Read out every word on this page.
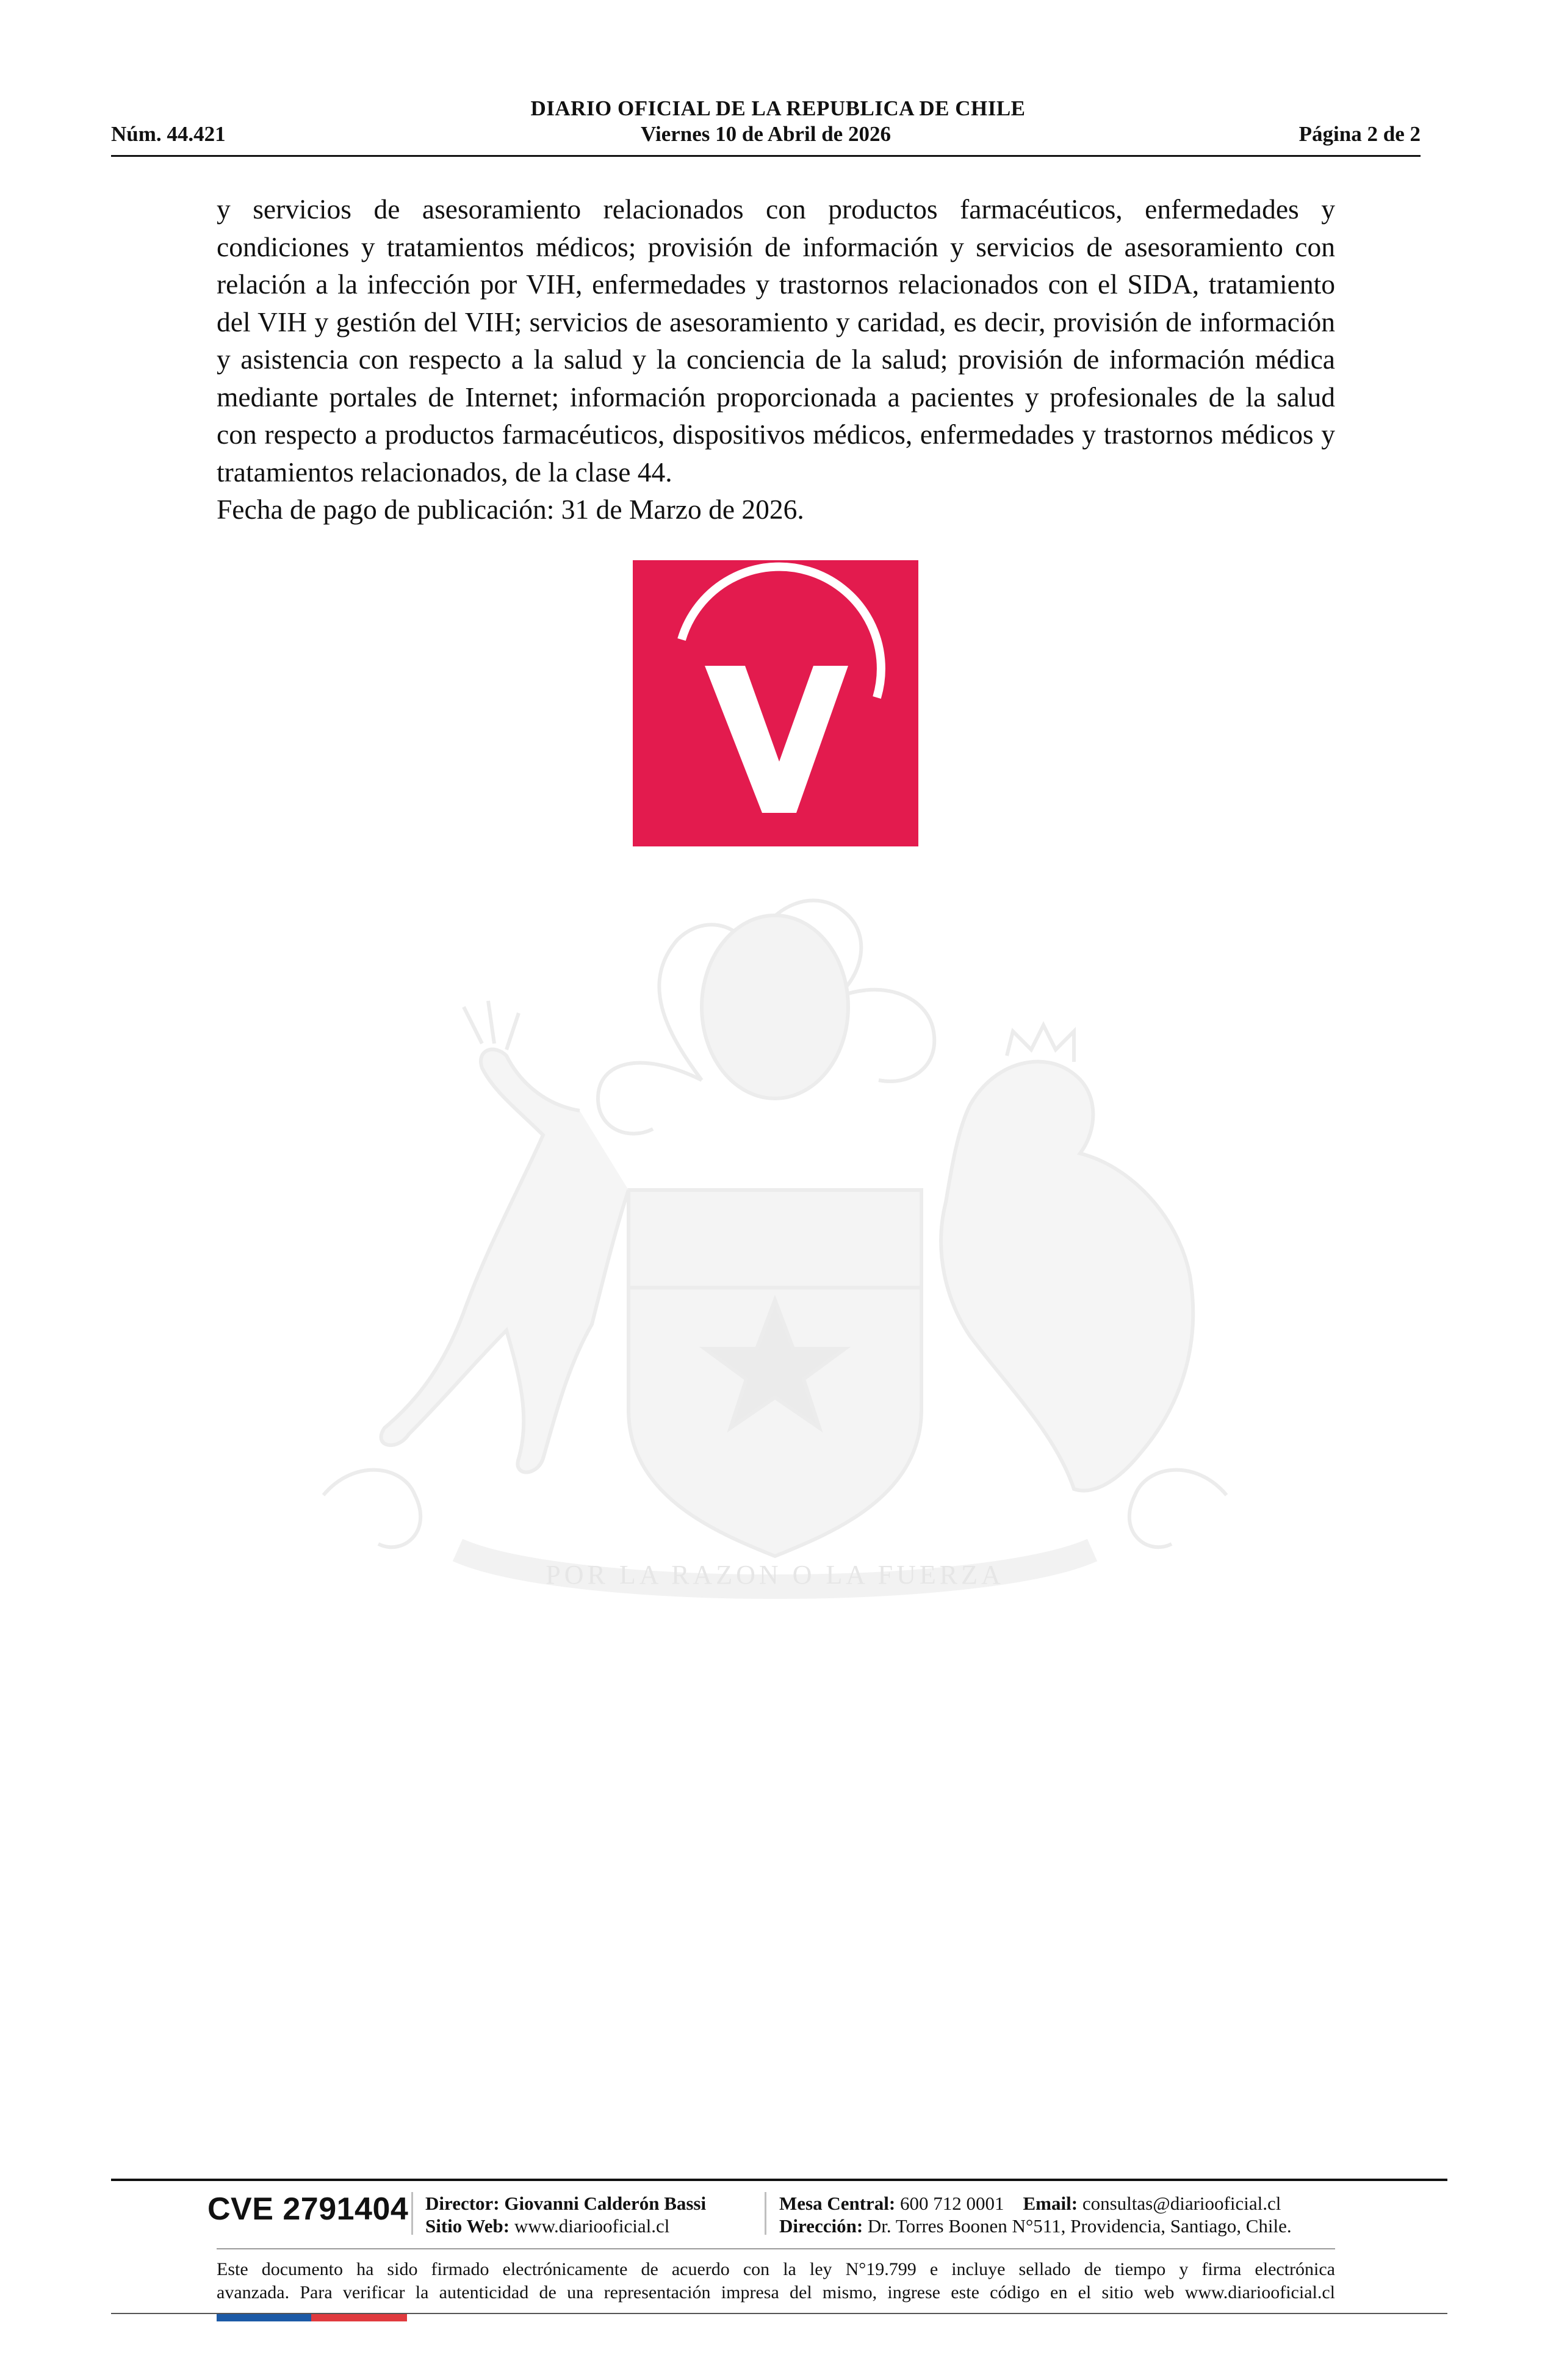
DIARIO OFICIAL DE LA REPUBLICA DE CHILE
Núm. 44.421	Viernes 10 de Abril de 2026	Página 2 de 2

y servicios de asesoramiento relacionados con productos farmacéuticos, enfermedades y condiciones y tratamientos médicos; provisión de información y servicios de asesoramiento con relación a la infección por VIH, enfermedades y trastornos relacionados con el SIDA, tratamiento del VIH y gestión del VIH; servicios de asesoramiento y caridad, es decir, provisión de información y asistencia con respecto a la salud y la conciencia de la salud; provisión de información médica mediante portales de Internet; información proporcionada a pacientes y profesionales de la salud con respecto a productos farmacéuticos, dispositivos médicos, enfermedades y trastornos médicos y tratamientos relacionados, de la clase 44.

Fecha de pago de publicación: 31 de Marzo de 2026.

POR LA RAZON O LA FUERZA
CVE 2791404 Director: Giovanni Calderón Bassi
Sitio Web: www.diariooficial.cl
Mesa Central: 600 712 0001 Email: consultas@diariooficial.cl
Dirección: Dr. Torres Boonen N°511, Providencia, Santiago, Chile.
Este documento ha sido firmado electrónicamente de acuerdo con la ley N°19.799 e incluye sellado de tiempo y firma electrónica
avanzada. Para verificar la autenticidad de una representación impresa del mismo, ingrese este código en el sitio web www.diariooficial.cl
